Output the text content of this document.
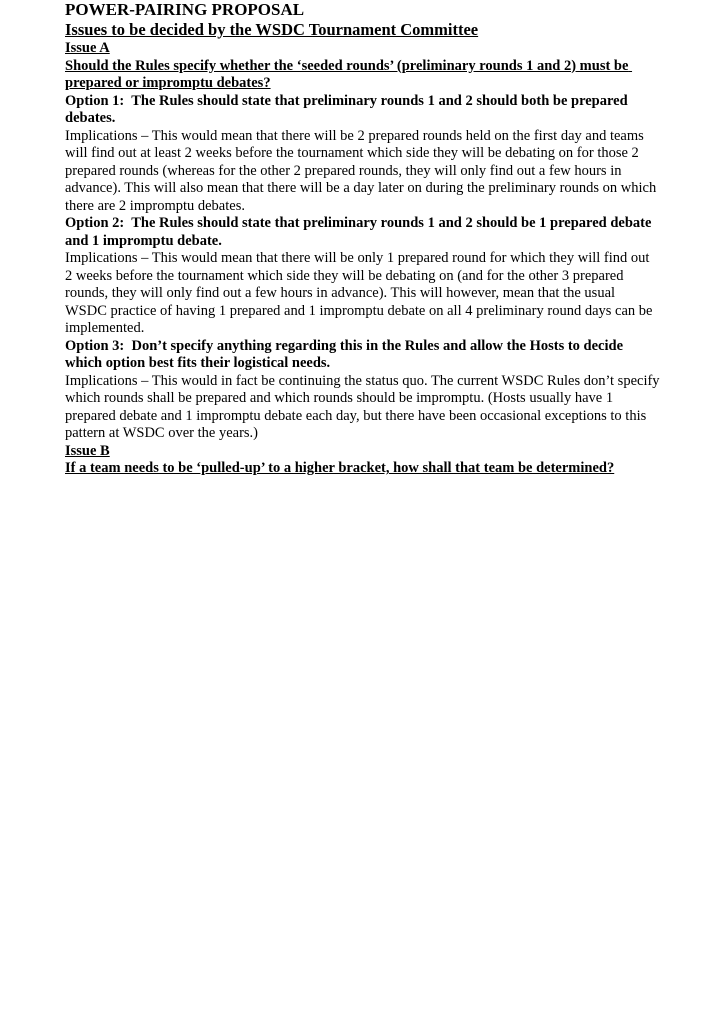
POWER-PAIRING PROPOSAL
Issues to be decided by the WSDC Tournament Committee
Issue A

Should the Rules specify whether the ‘seeded rounds’ (preliminary rounds 1 and 2) must be prepared or impromptu debates?

Option 1:  The Rules should state that preliminary rounds 1 and 2 should both be prepared debates.

Implications – This would mean that there will be 2 prepared rounds held on the first day and teams will find out at least 2 weeks before the tournament which side they will be debating on for those 2 prepared rounds (whereas for the other 2 prepared rounds, they will only find out a few hours in advance). This will also mean that there will be a day later on during the preliminary rounds on which there are 2 impromptu debates.

Option 2:  The Rules should state that preliminary rounds 1 and 2 should be 1 prepared debate and 1 impromptu debate.

Implications – This would mean that there will be only 1 prepared round for which they will find out 2 weeks before the tournament which side they will be debating on (and for the other 3 prepared rounds, they will only find out a few hours in advance). This will however, mean that the usual WSDC practice of having 1 prepared and 1 impromptu debate on all 4 preliminary round days can be implemented.

Option 3:  Don’t specify anything regarding this in the Rules and allow the Hosts to decide which option best fits their logistical needs.

Implications – This would in fact be continuing the status quo. The current WSDC Rules don’t specify which rounds shall be prepared and which rounds should be impromptu. (Hosts usually have 1 prepared debate and 1 impromptu debate each day, but there have been occasional exceptions to this pattern at WSDC over the years.)

Issue B

If a team needs to be ‘pulled-up’ to a higher bracket, how shall that team be determined?
